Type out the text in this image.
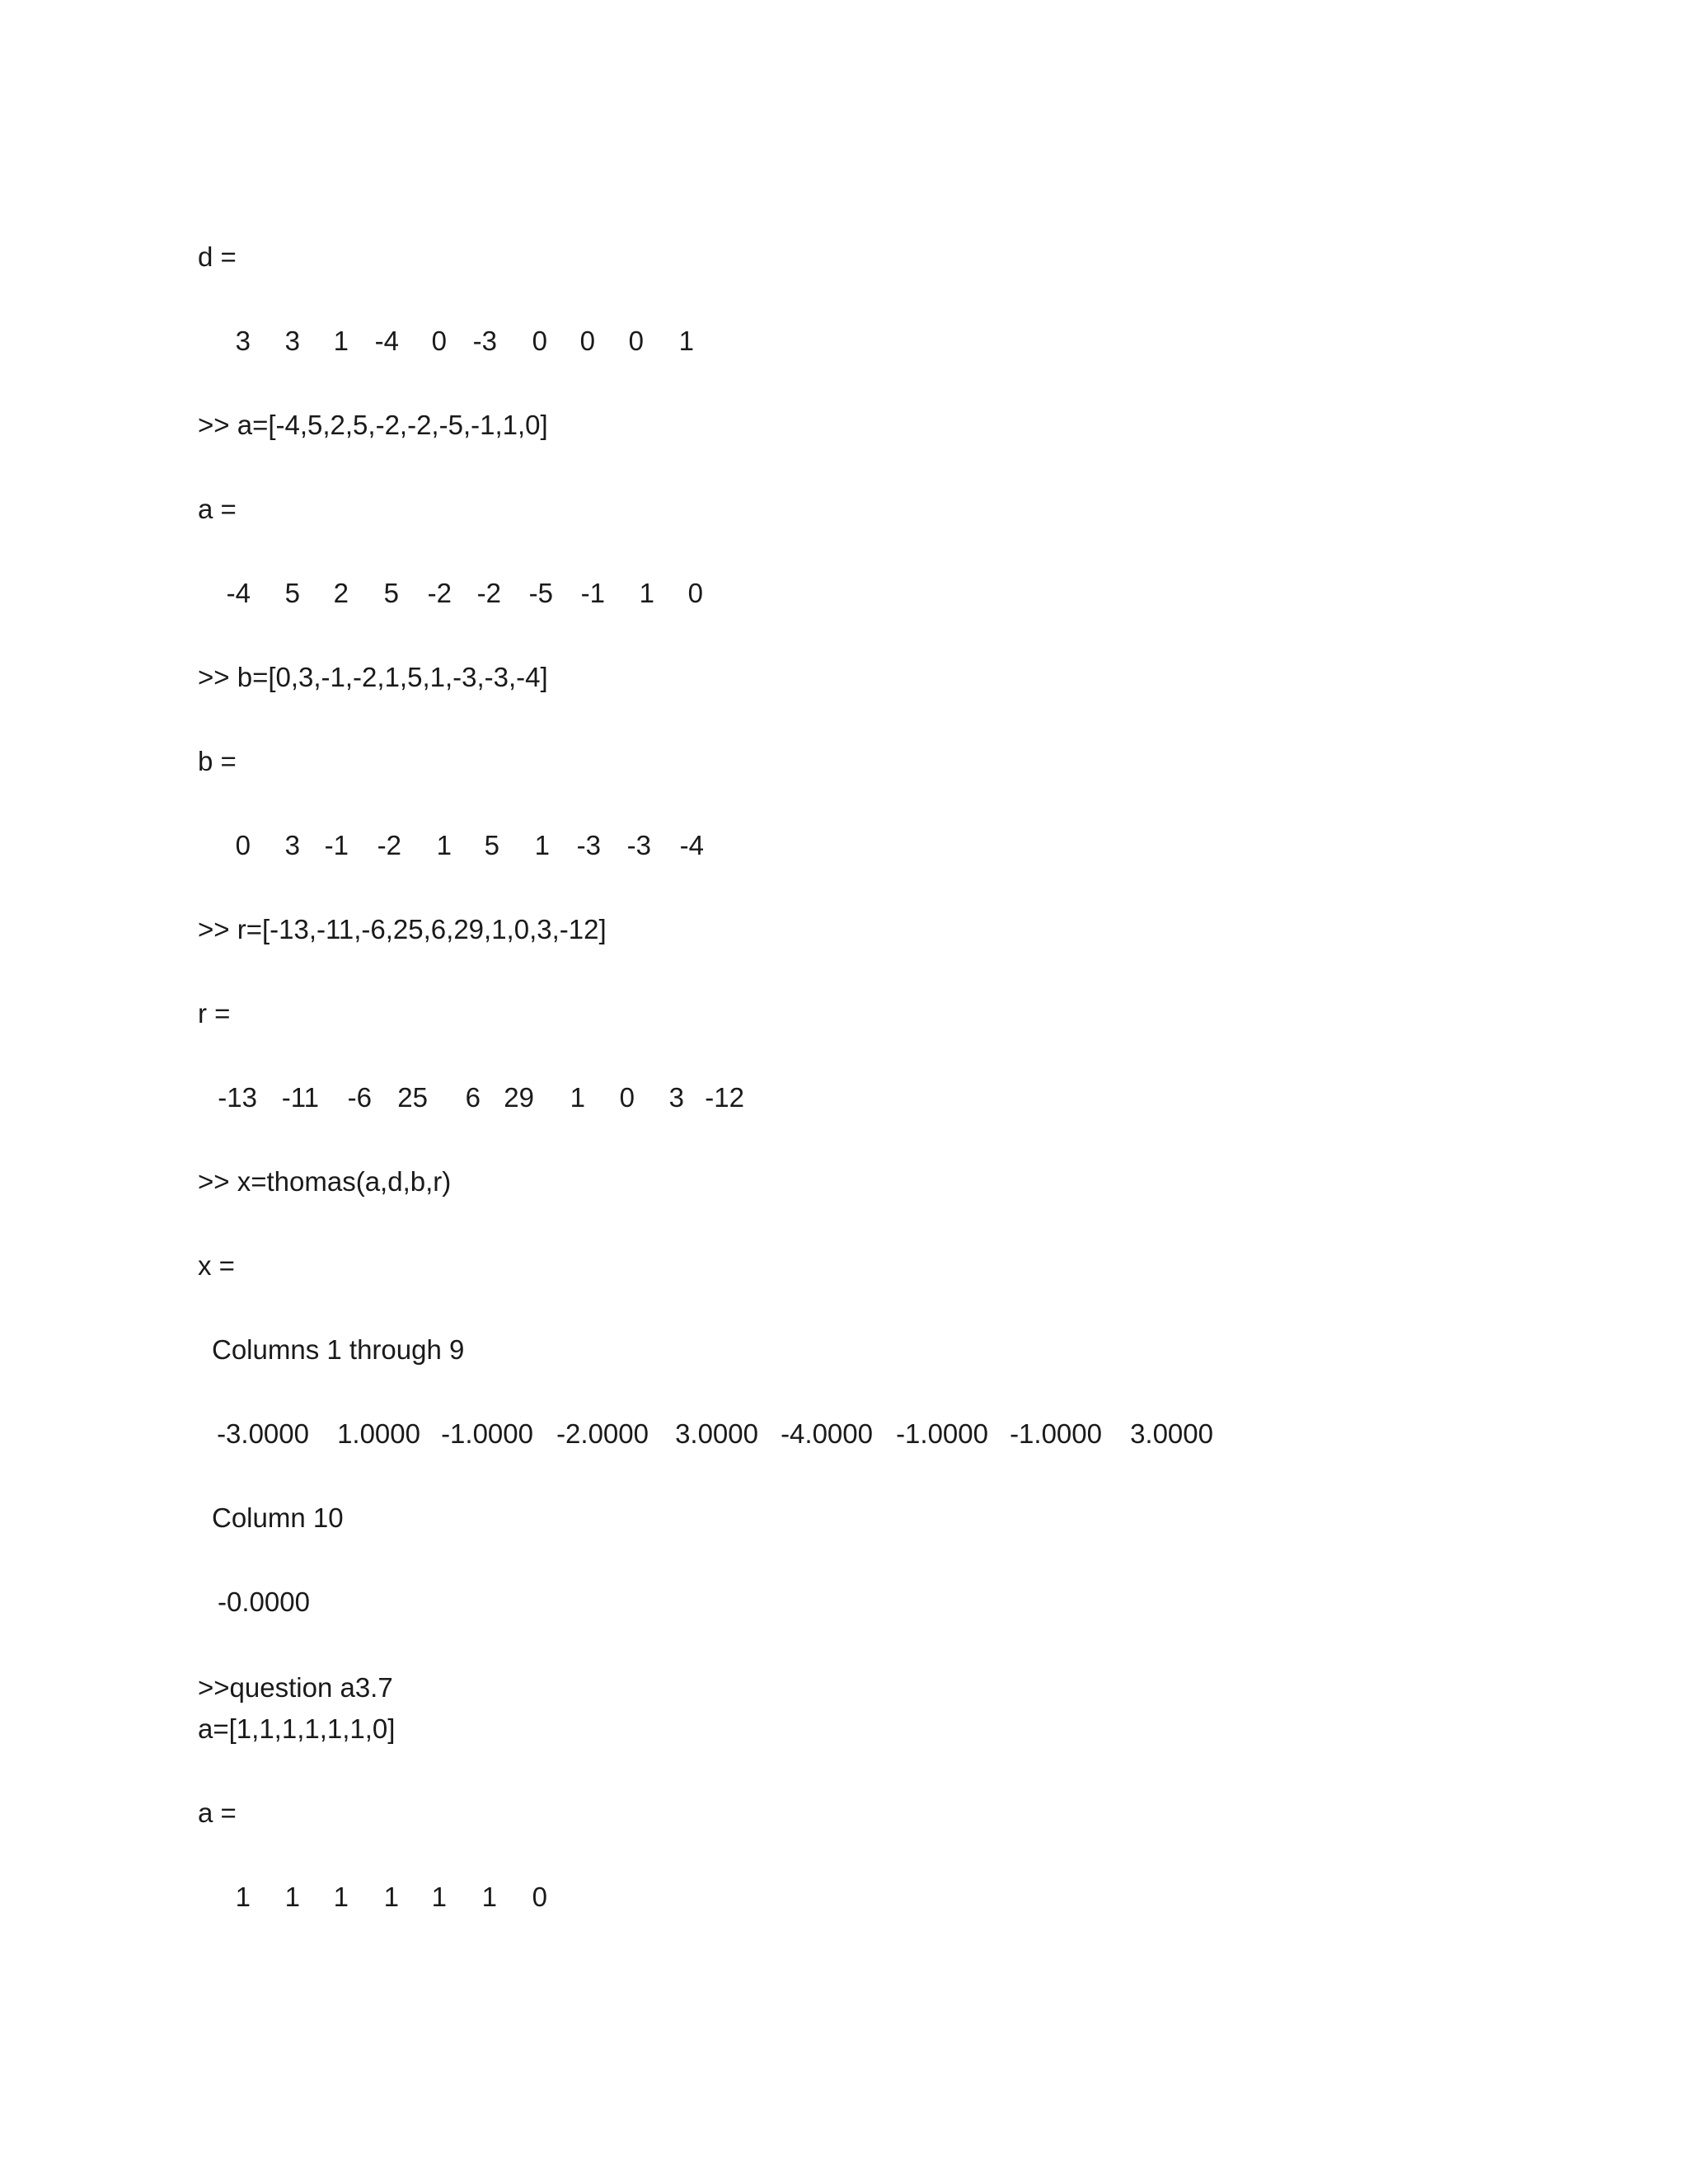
d =

3 3 1 -4 0 -3 0 0 0 1

>> a=[-4,5,2,5,-2,-2,-5,-1,1,0]

a =

-4 5 2 5 -2 -2 -5 -1 1 0

>> b=[0,3,-1,-2,1,5,1,-3,-3,-4]

b =

0 3 -1 -2 1 5 1 -3 -3 -4

>> r=[-13,-11,-6,25,6,29,1,0,3,-12]

r =

-13 -11 -6 25 6 29 1 0 3 -12

>> x=thomas(a,d,b,r)

x =

Columns 1 through 9

-3.0000 1.0000 -1.0000 -2.0000 3.0000 -4.0000 -1.0000 -1.0000 3.0000

Column 10

-0.0000

>>question a3.7

a=[1,1,1,1,1,1,0]

a =

1 1 1 1 1 1 0
